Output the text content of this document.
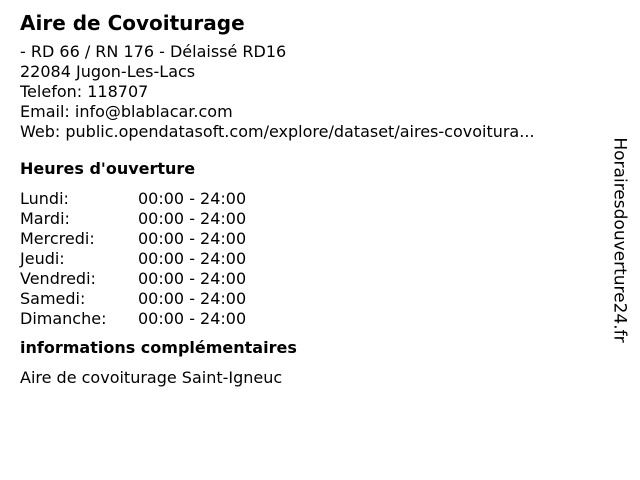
Aire de Covoiturage
- RD 66 / RN 176 - Délaissé RD16
22084 Jugon-Les-Lacs
Telefon: 118707
Email: info@blablacar.com
Web: public.opendatasoft.com/explore/dataset/aires-covoitura...
Heures d'ouverture
Lundi:	00:00 - 24:00
Mardi:	00:00 - 24:00
Mercredi:	00:00 - 24:00
Jeudi:	00:00 - 24:00
Vendredi:	00:00 - 24:00
Samedi:	00:00 - 24:00
Dimanche:	00:00 - 24:00
informations complémentaires
Aire de covoiturage Saint-Igneuc
Horairesdouverture24.fr
